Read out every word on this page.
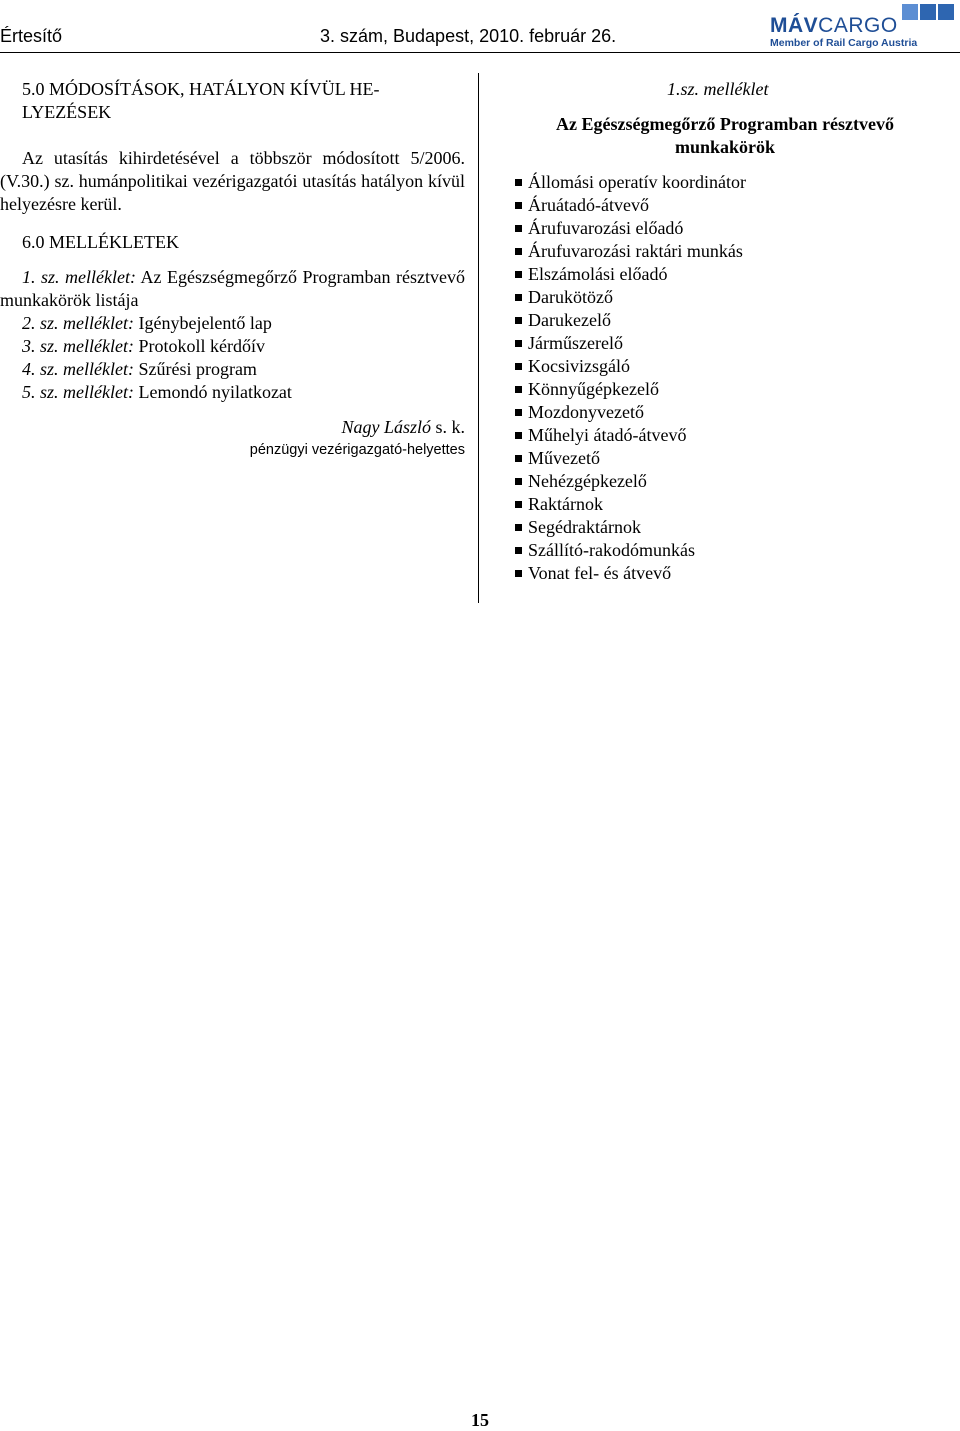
Értesítő	3. szám, Budapest, 2010. február 26.	MÁVCARGO
Member of Rail Cargo Austria

5.0 MÓDOSÍTÁSOK, HATÁLYON KÍVÜL HE-LYEZÉSEK

Az utasítás kihirdetésével a többször módosított 5/2006. (V.30.) sz. humánpolitikai vezérigazgatói utasítás hatályon kívül helyezésre kerül.

6.0 MELLÉKLETEK

1. sz. melléklet: Az Egészségmegőrző Programban résztvevő munkakörök listája
2. sz. melléklet: Igénybejelentő lap
3. sz. melléklet: Protokoll kérdőív
4. sz. melléklet: Szűrési program
5. sz. melléklet: Lemondó nyilatkozat
Nagy László s. k.
pénzügyi vezérigazgató-helyettes
1.sz. melléklet
Az Egészségmegőrző Programban résztvevő munkakörök
Állomási operatív koordinátor
Áruátadó-átvevő
Árufuvarozási előadó
Árufuvarozási raktári munkás
Elszámolási előadó
Darukötöző
Darukezelő
Járműszerelő
Kocsivizsgáló
Könnyűgépkezelő
Mozdonyvezető
Műhelyi átadó-átvevő
Művezető
Nehézgépkezelő
Raktárnok
Segédraktárnok
Szállító-rakodómunkás
Vonat fel- és átvevő
15
